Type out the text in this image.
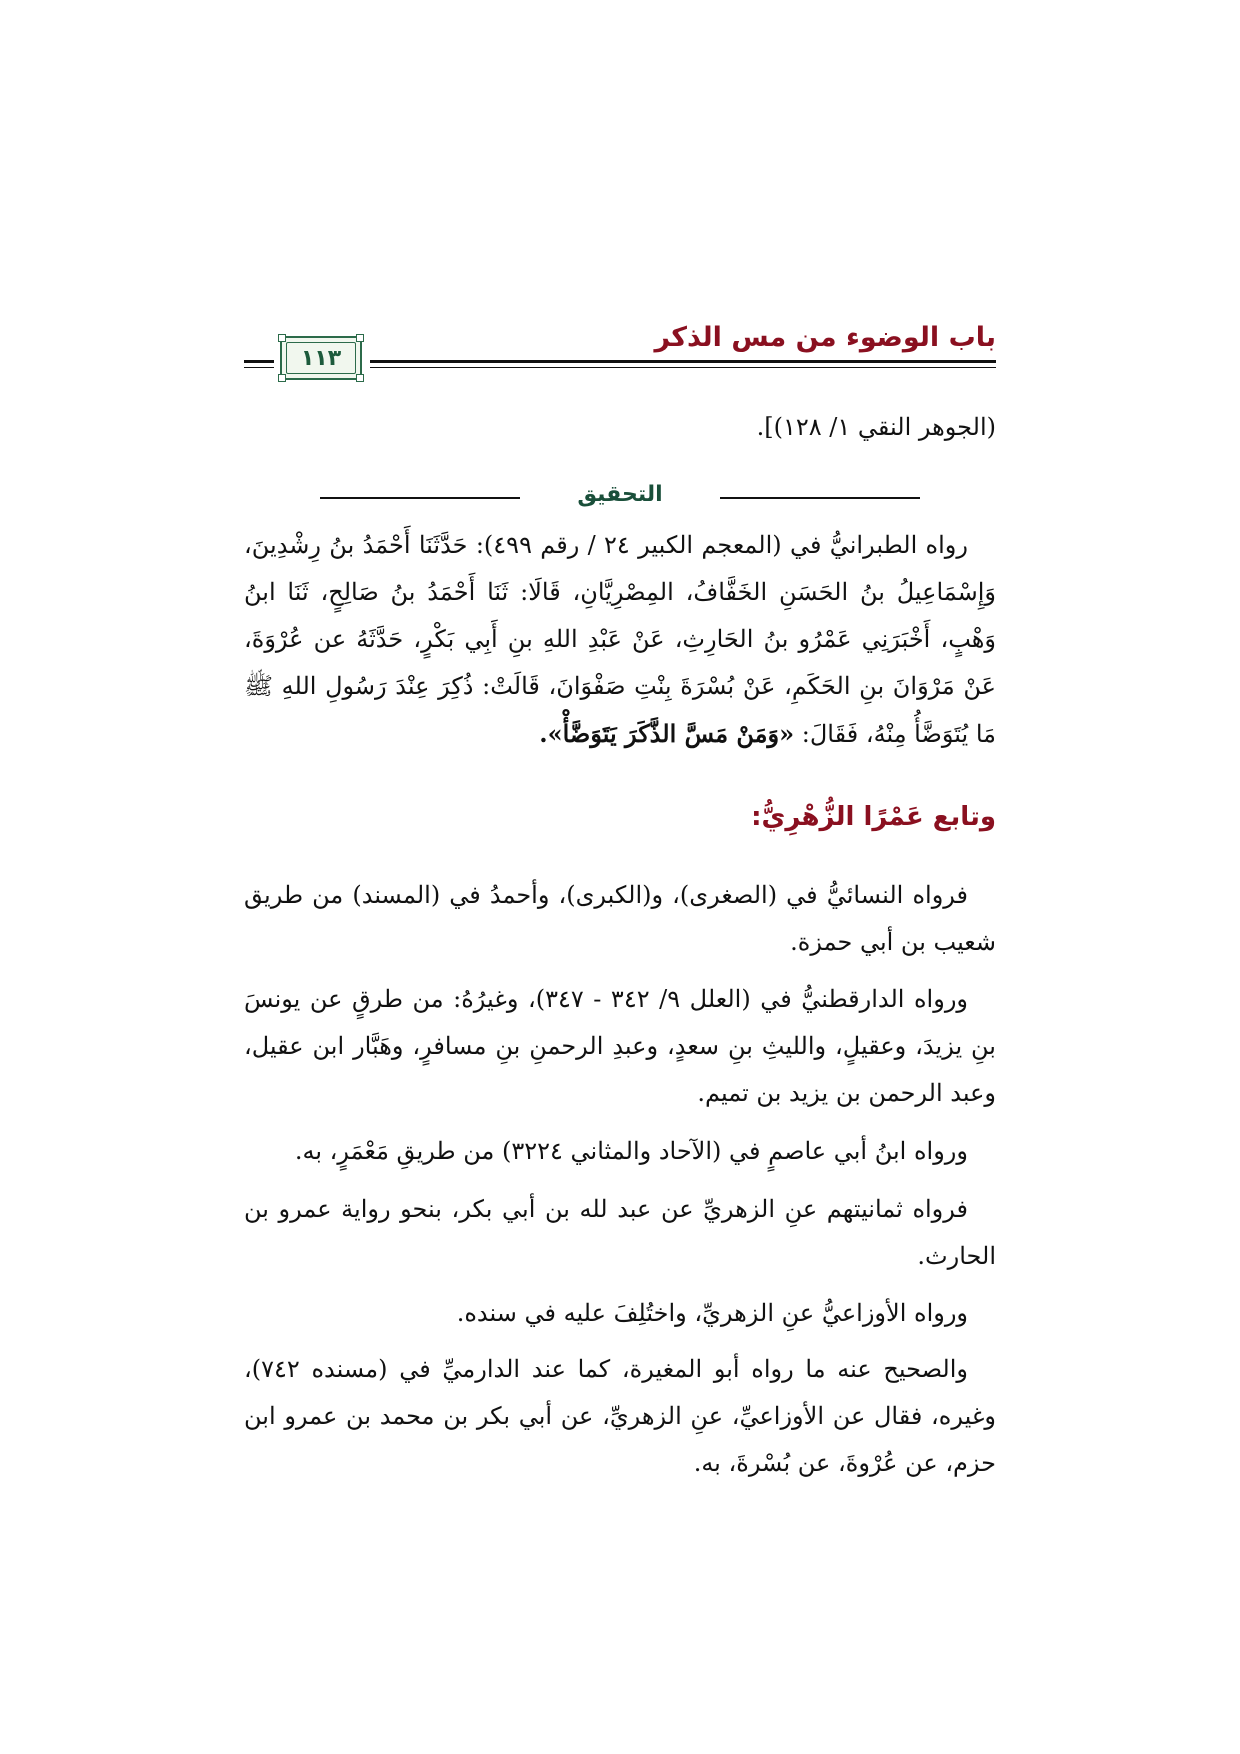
باب الوضوء من مس الذكر
١١٣
(الجوهر النقي ١/ ١٢٨)].
التحقيق
رواه الطبرانيُّ في (المعجم الكبير ٢٤ / رقم ٤٩٩): حَدَّثَنَا أَحْمَدُ بنُ رِشْدِينَ، وَإِسْمَاعِيلُ بنُ الحَسَنِ الخَفَّافُ، المِصْرِيَّانِ، قَالَا: ثَنَا أَحْمَدُ بنُ صَالِحٍ، ثَنَا ابنُ وَهْبٍ، أَخْبَرَنِي عَمْرُو بنُ الحَارِثِ، عَنْ عَبْدِ اللهِ بنِ أَبِي بَكْرٍ، حَدَّثَهُ عن عُرْوَةَ، عَنْ مَرْوَانَ بنِ الحَكَمِ، عَنْ بُسْرَةَ بِنْتِ صَفْوَانَ، قَالَتْ: ذُكِرَ عِنْدَ رَسُولِ اللهِ ﷺ مَا يُتَوَضَّأُ مِنْهُ، فَقَالَ: «وَمَنْ مَسَّ الذَّكَرَ يَتَوَضَّأْ».
وتابع عَمْرًا الزُّهْرِيُّ:
فرواه النسائيُّ في (الصغرى)، و(الكبرى)، وأحمدُ في (المسند) من طريق شعيب بن أبي حمزة.
ورواه الدارقطنيُّ في (العلل ٩/ ٣٤٢ - ٣٤٧)، وغيرُهُ: من طرقٍ عن يونسَ بنِ يزيدَ، وعقيلٍ، والليثِ بنِ سعدٍ، وعبدِ الرحمنِ بنِ مسافرٍ، وهَبَّار ابن عقيل، وعبد الرحمن بن يزيد بن تميم.
ورواه ابنُ أبي عاصمٍ في (الآحاد والمثاني ٣٢٢٤) من طريقِ مَعْمَرٍ، به.
فرواه ثمانيتهم عنِ الزهريِّ عن عبد لله بن أبي بكر، بنحو رواية عمرو بن الحارث.
ورواه الأوزاعيُّ عنِ الزهريِّ، واختُلِفَ عليه في سنده.
والصحيح عنه ما رواه أبو المغيرة، كما عند الدارميِّ في (مسنده ٧٤٢)، وغيره، فقال عن الأوزاعيِّ، عنِ الزهريِّ، عن أبي بكر بن محمد بن عمرو ابن حزم، عن عُرْوةَ، عن بُسْرةَ، به.
